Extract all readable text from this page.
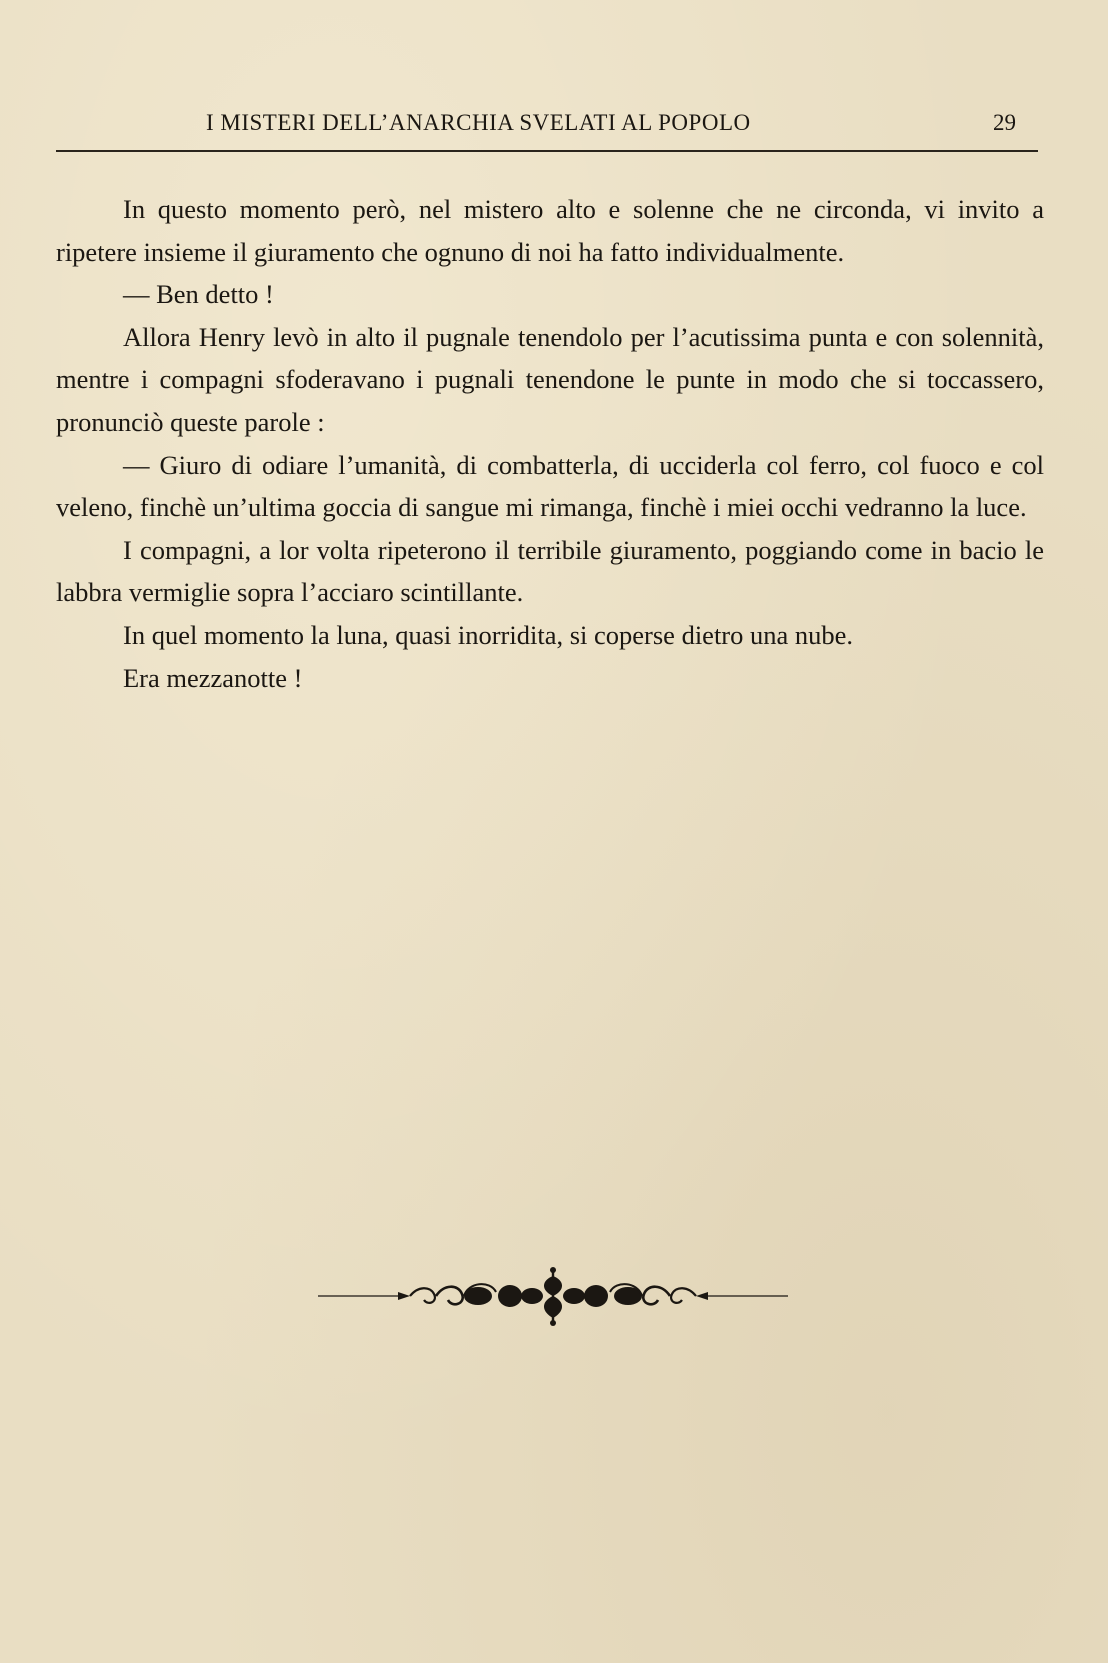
I MISTERI DELL’ANARCHIA SVELATI AL POPOLO	29

In questo momento però, nel mistero alto e solenne che ne circonda, vi invito a ripetere insieme il giuramento che ognuno di noi ha fatto individualmente.

— Ben detto !

Allora Henry levò in alto il pugnale tenendolo per l’acutissima punta e con solennità, mentre i compagni sfoderavano i pugnali tenendone le punte in modo che si toccassero, pronunciò queste parole :

— Giuro di odiare l’umanità, di combatterla, di ucciderla col ferro, col fuoco e col veleno, finchè un’ultima goccia di sangue mi rimanga, finchè i miei occhi vedranno la luce.

I compagni, a lor volta ripeterono il terribile giuramento, poggiando come in bacio le labbra vermiglie sopra l’acciaro scintillante.

In quel momento la luna, quasi inorridita, si coperse dietro una nube.

Era mezzanotte !
